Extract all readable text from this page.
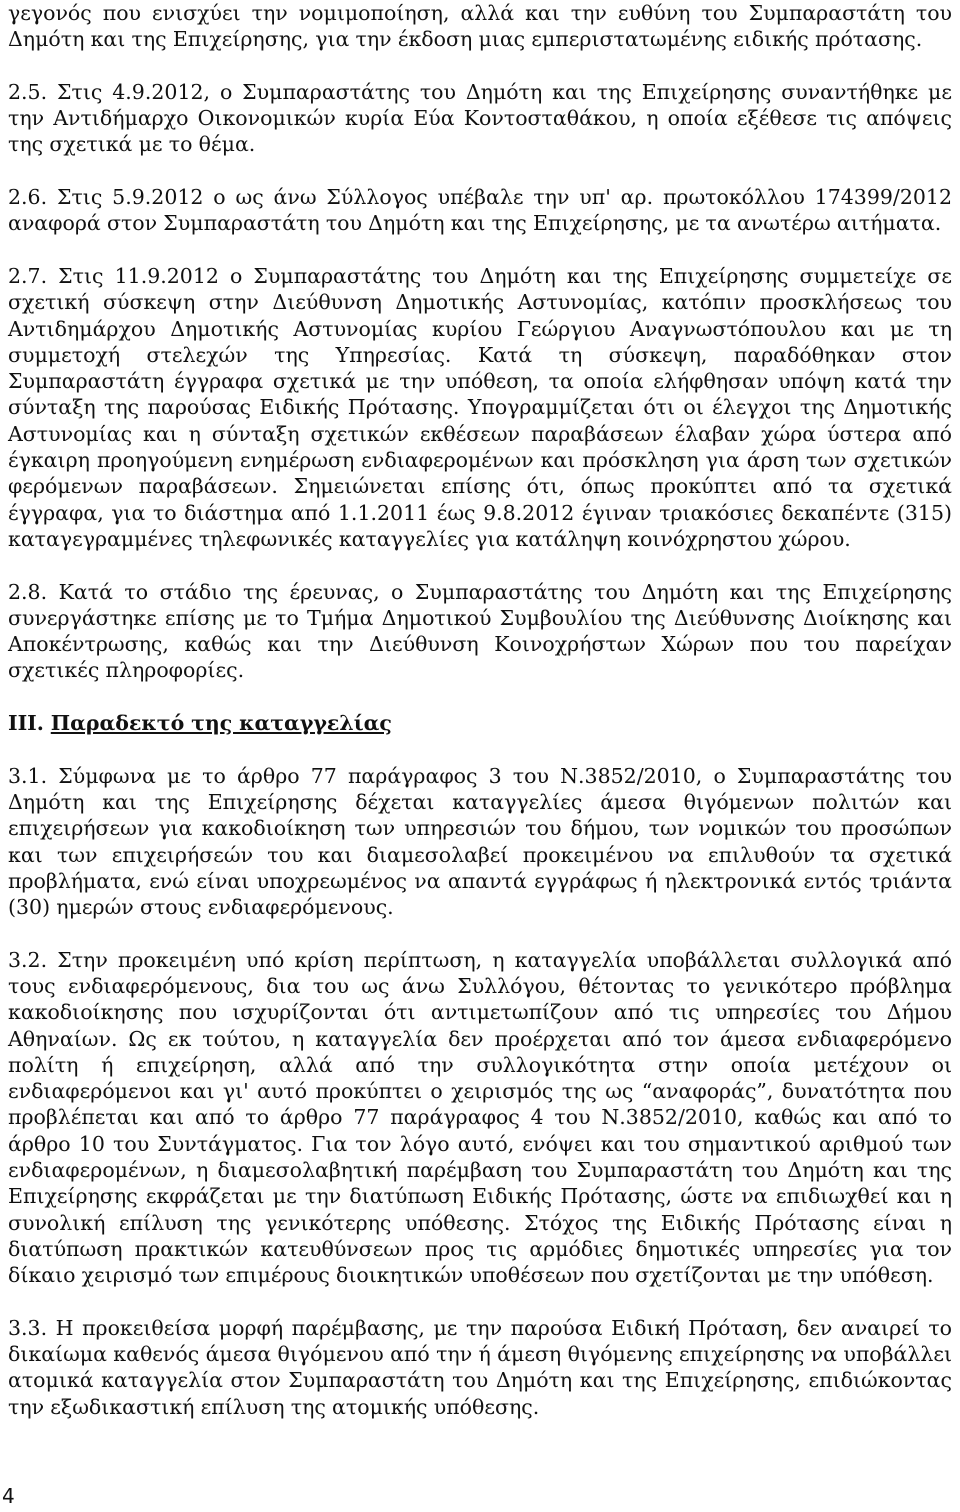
γεγονός που ενισχύει την νομιμοποίηση, αλλά και την ευθύνη του Συμπαραστάτη του Δημότη και της Επιχείρησης, για την έκδοση μιας εμπεριστατωμένης ειδικής πρότασης.

2.5. Στις 4.9.2012, ο Συμπαραστάτης του Δημότη και της Επιχείρησης συναντήθηκε με την Αντιδήμαρχο Οικονομικών κυρία Εύα Κοντοσταθάκου, η οποία εξέθεσε τις απόψεις της σχετικά με το θέμα.

2.6. Στις 5.9.2012 ο ως άνω Σύλλογος υπέβαλε την υπ' αρ. πρωτοκόλλου 174399/2012 αναφορά στον Συμπαραστάτη του Δημότη και της Επιχείρησης, με τα ανωτέρω αιτήματα.

2.7. Στις 11.9.2012 ο Συμπαραστάτης του Δημότη και της Επιχείρησης συμμετείχε σε σχετική σύσκεψη στην Διεύθυνση Δημοτικής Αστυνομίας, κατόπιν προσκλήσεως του Αντιδημάρχου Δημοτικής Αστυνομίας κυρίου Γεώργιου Αναγνωστόπουλου και με τη συμμετοχή στελεχών της Υπηρεσίας. Κατά τη σύσκεψη, παραδόθηκαν στον Συμπαραστάτη έγγραφα σχετικά με την υπόθεση, τα οποία ελήφθησαν υπόψη κατά την σύνταξη της παρούσας Ειδικής Πρότασης. Υπογραμμίζεται ότι οι έλεγχοι της Δημοτικής Αστυνομίας και η σύνταξη σχετικών εκθέσεων παραβάσεων έλαβαν χώρα ύστερα από έγκαιρη προηγούμενη ενημέρωση ενδιαφερομένων και πρόσκληση για άρση των σχετικών φερόμενων παραβάσεων. Σημειώνεται επίσης ότι, όπως προκύπτει από τα σχετικά έγγραφα, για το διάστημα από 1.1.2011 έως 9.8.2012 έγιναν τριακόσιες δεκαπέντε (315) καταγεγραμμένες τηλεφωνικές καταγγελίες για κατάληψη κοινόχρηστου χώρου.

2.8. Κατά το στάδιο της έρευνας, ο Συμπαραστάτης του Δημότη και της Επιχείρησης συνεργάστηκε επίσης με το Τμήμα Δημοτικού Συμβουλίου της Διεύθυνσης Διοίκησης και Αποκέντρωσης, καθώς και την Διεύθυνση Κοινοχρήστων Χώρων που του παρείχαν σχετικές πληροφορίες.

III. Παραδεκτό της καταγγελίας

3.1. Σύμφωνα με το άρθρο 77 παράγραφος 3 του Ν.3852/2010, ο Συμπαραστάτης του Δημότη και της Επιχείρησης δέχεται καταγγελίες άμεσα θιγόμενων πολιτών και επιχειρήσεων για κακοδιοίκηση των υπηρεσιών του δήμου, των νομικών του προσώπων και των επιχειρήσεών του και διαμεσολαβεί προκειμένου να επιλυθούν τα σχετικά προβλήματα, ενώ είναι υποχρεωμένος να απαντά εγγράφως ή ηλεκτρονικά εντός τριάντα (30) ημερών στους ενδιαφερόμενους.

3.2. Στην προκειμένη υπό κρίση περίπτωση, η καταγγελία υποβάλλεται συλλογικά από τους ενδιαφερόμενους, δια του ως άνω Συλλόγου, θέτοντας το γενικότερο πρόβλημα κακοδιοίκησης που ισχυρίζονται ότι αντιμετωπίζουν από τις υπηρεσίες του Δήμου Αθηναίων. Ως εκ τούτου, η καταγγελία δεν προέρχεται από τον άμεσα ενδιαφερόμενο πολίτη ή επιχείρηση, αλλά από την συλλογικότητα στην οποία μετέχουν οι ενδιαφερόμενοι και γι' αυτό προκύπτει ο χειρισμός της ως “αναφοράς”, δυνατότητα που προβλέπεται και από το άρθρο 77 παράγραφος 4 του Ν.3852/2010, καθώς και από το άρθρο 10 του Συντάγματος. Για τον λόγο αυτό, ενόψει και του σημαντικού αριθμού των ενδιαφερομένων, η διαμεσολαβητική παρέμβαση του Συμπαραστάτη του Δημότη και της Επιχείρησης εκφράζεται με την διατύπωση Ειδικής Πρότασης, ώστε να επιδιωχθεί και η συνολική επίλυση της γενικότερης υπόθεσης. Στόχος της Ειδικής Πρότασης είναι η διατύπωση πρακτικών κατευθύνσεων προς τις αρμόδιες δημοτικές υπηρεσίες για τον δίκαιο χειρισμό των επιμέρους διοικητικών υποθέσεων που σχετίζονται με την υπόθεση.

3.3. Η προκειθείσα μορφή παρέμβασης, με την παρούσα Ειδική Πρόταση, δεν αναιρεί το δικαίωμα καθενός άμεσα θιγόμενου από την ή άμεση θιγόμενης επιχείρησης να υποβάλλει ατομικά καταγγελία στον Συμπαραστάτη του Δημότη και της Επιχείρησης, επιδιώκοντας την εξωδικαστική επίλυση της ατομικής υπόθεσης.

4
